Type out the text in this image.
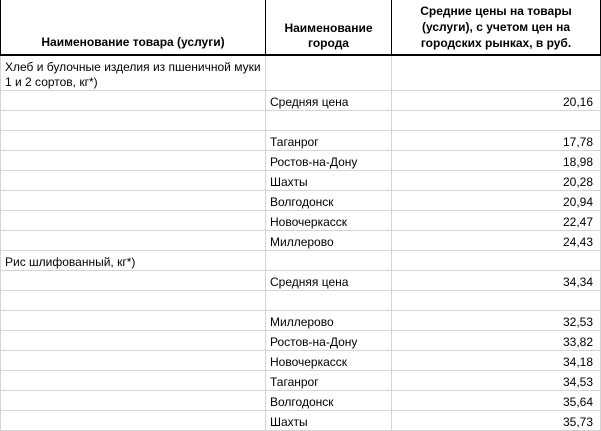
Наименование товара (услуги)	Наименование города	Средние цены на товары (услуги), с учетом цен на городских рынках, в руб.
Хлеб и булочные изделия из пшеничной муки 1 и 2 сортов, кг*)		
	Средняя цена	20,16

	Таганрог	17,78
	Ростов-на-Дону	18,98
	Шахты	20,28
	Волгодонск	20,94
	Новочеркасск	22,47
	Миллерово	24,43
Рис шлифованный, кг*)		
	Средняя цена	34,34

	Миллерово	32,53
	Ростов-на-Дону	33,82
	Новочеркасск	34,18
	Таганрог	34,53
	Волгодонск	35,64
	Шахты	35,73
